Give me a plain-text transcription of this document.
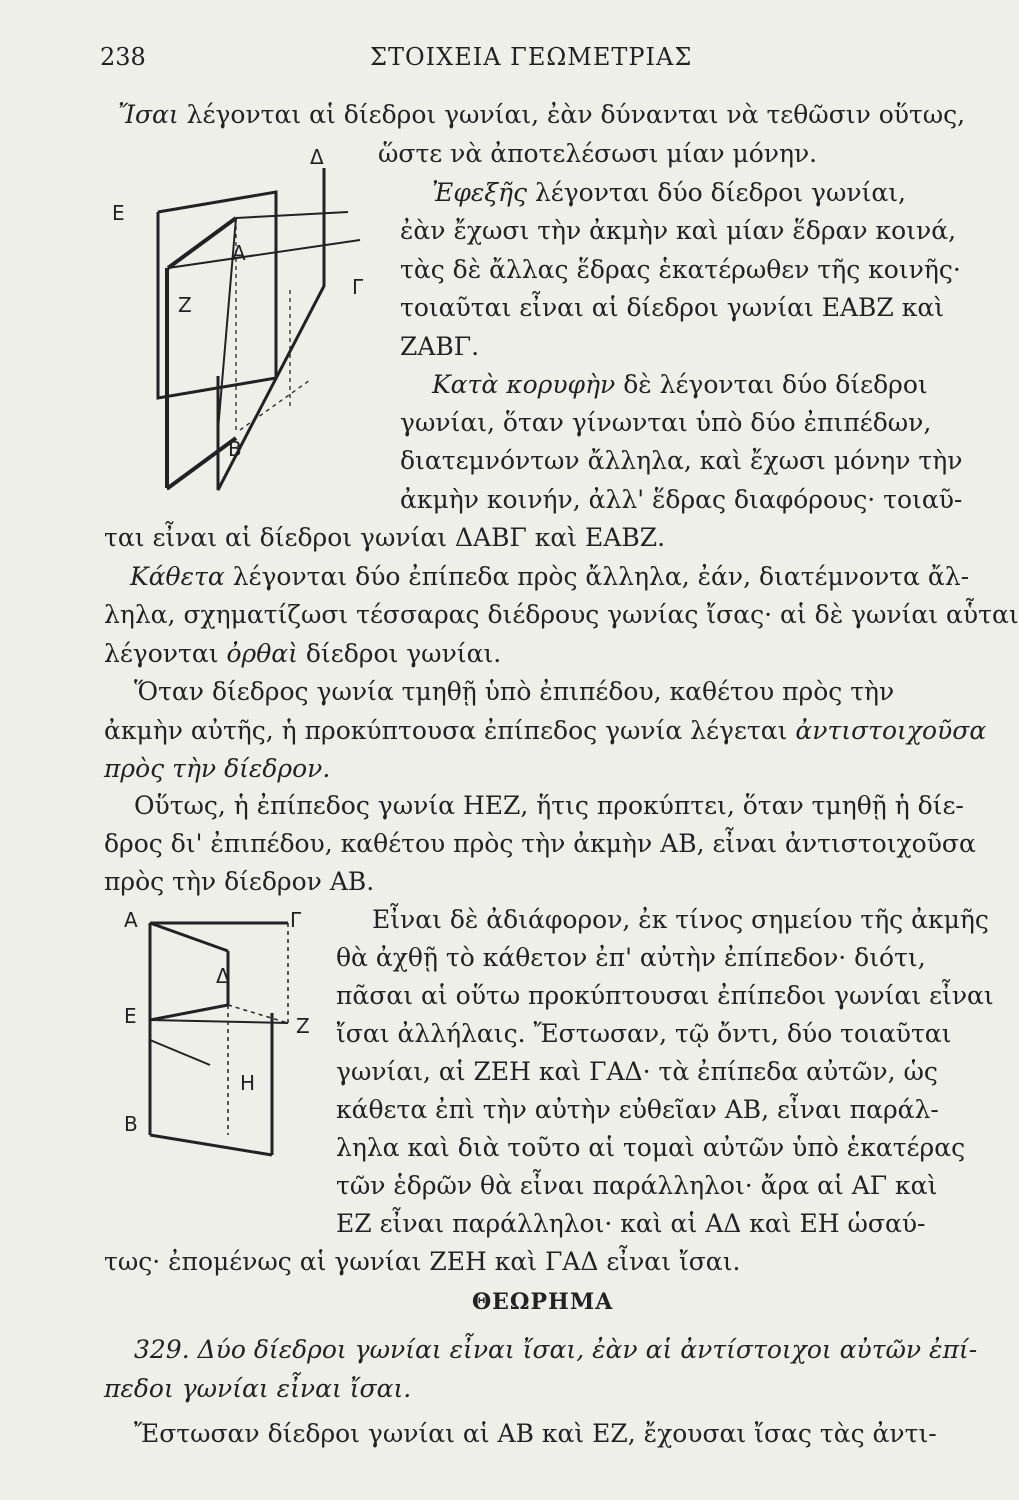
238	ΣΤΟΙΧΕΙΑ ΓΕΩΜΕΤΡΙΑΣ
Δ
Ε
Α
Γ
Ζ
Β
Α	Γ
Δ
Ε	Ζ
Η
Β
Ἴσαι λέγονται αἱ δίεδροι γωνίαι, ἐὰν δύνανται νὰ τεθῶσιν οὕτως,
ὥστε νὰ ἀποτελέσωσι μίαν μόνην.
Ἐφεξῆς λέγονται δύο δίεδροι γωνίαι,
ἐὰν ἔχωσι τὴν ἀκμὴν καὶ μίαν ἕδραν κοινά,
τὰς δὲ ἄλλας ἕδρας ἑκατέρωθεν τῆς κοινῆς·
τοιαῦται εἶναι αἱ δίεδροι γωνίαι ΕΑΒΖ καὶ
ΖΑΒΓ.
Κατὰ κορυφὴν δὲ λέγονται δύο δίεδροι
γωνίαι, ὅταν γίνωνται ὑπὸ δύο ἐπιπέδων,
διατεμνόντων ἄλληλα, καὶ ἔχωσι μόνην τὴν
ἀκμὴν κοινήν, ἀλλ' ἕδρας διαφόρους· τοιαῦ-
ται εἶναι αἱ δίεδροι γωνίαι ΔΑΒΓ καὶ ΕΑΒΖ.
Κάθετα λέγονται δύο ἐπίπεδα πρὸς ἄλληλα, ἐάν, διατέμνοντα ἄλ-
ληλα, σχηματίζωσι τέσσαρας διέδρους γωνίας ἴσας· αἱ δὲ γωνίαι αὗται
λέγονται ὀρθαὶ δίεδροι γωνίαι.
Ὅταν δίεδρος γωνία τμηθῇ ὑπὸ ἐπιπέδου, καθέτου πρὸς τὴν
ἀκμὴν αὐτῆς, ἡ προκύπτουσα ἐπίπεδος γωνία λέγεται ἀντιστοιχοῦσα
πρὸς τὴν δίεδρον.
Οὕτως, ἡ ἐπίπεδος γωνία ΗΕΖ, ἥτις προκύπτει, ὅταν τμηθῇ ἡ δίε-
δρος δι' ἐπιπέδου, καθέτου πρὸς τὴν ἀκμὴν ΑΒ, εἶναι ἀντιστοιχοῦσα
πρὸς τὴν δίεδρον ΑΒ.
Εἶναι δὲ ἀδιάφορον, ἐκ τίνος σημείου τῆς ἀκμῆς
θὰ ἀχθῇ τὸ κάθετον ἐπ' αὐτὴν ἐπίπεδον· διότι,
πᾶσαι αἱ οὕτω προκύπτουσαι ἐπίπεδοι γωνίαι εἶναι
ἴσαι ἀλλήλαις. Ἔστωσαν, τῷ ὄντι, δύο τοιαῦται
γωνίαι, αἱ ΖΕΗ καὶ ΓΑΔ· τὰ ἐπίπεδα αὐτῶν, ὡς
κάθετα ἐπὶ τὴν αὐτὴν εὐθεῖαν ΑΒ, εἶναι παράλ-
ληλα καὶ διὰ τοῦτο αἱ τομαὶ αὐτῶν ὑπὸ ἑκατέρας
τῶν ἑδρῶν θὰ εἶναι παράλληλοι· ἄρα αἱ ΑΓ καὶ
ΕΖ εἶναι παράλληλοι· καὶ αἱ ΑΔ καὶ ΕΗ ὡσαύ-
τως· ἐπομένως αἱ γωνίαι ΖΕΗ καὶ ΓΑΔ εἶναι ἴσαι.
ΘΕΩΡΗΜΑ
329. Δύο δίεδροι γωνίαι εἶναι ἴσαι, ἐὰν αἱ ἀντίστοιχοι αὐτῶν ἐπί-
πεδοι γωνίαι εἶναι ἴσαι.
Ἔστωσαν δίεδροι γωνίαι αἱ ΑΒ καὶ ΕΖ, ἔχουσαι ἴσας τὰς ἀντι-
